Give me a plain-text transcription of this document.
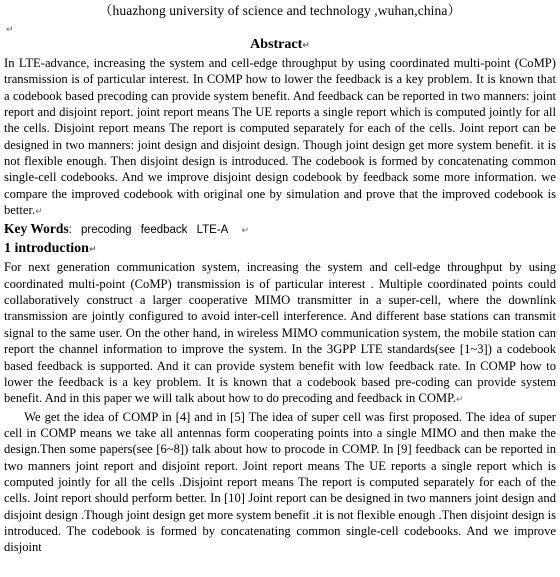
（huazhong university of science and technology ,wuhan,china）
↵
Abstract↵

In LTE-advance, increasing the system and cell-edge throughput by using coordinated multi-point (CoMP) transmission is of particular interest. In COMP how to lower the feedback is a key problem. It is known that a codebook based precoding can provide system benefit. And feedback can be reported in two manners: joint report and disjoint report. joint report means The UE reports a single report which is computed jointly for all the cells. Disjoint report means The report is computed separately for each of the cells. Joint report can be designed in two manners: joint design and disjoint design. Though joint design get more system benefit. it is not flexible enough. Then disjoint design is introduced. The codebook is formed by concatenating common single-cell codebooks. And we improve disjoint design codebook by feedback some more information. we compare the improved codebook with original one by simulation and prove that the improved codebook is better.↵

Key Words: precoding feedback LTE-A ↵
1 introduction↵

For next generation communication system, increasing the system and cell-edge throughput by using coordinated multi-point (CoMP) transmission is of particular interest . Multiple coordinated points could collaboratively construct a larger cooperative MIMO transmitter in a super-cell, where the downlink transmission are jointly configured to avoid inter-cell interference. And different base stations can transmit signal to the same user. On the other hand, in wireless MIMO communication system, the mobile station can report the channel information to improve the system. In the 3GPP LTE standards(see [1~3]) a codebook based feedback is supported. And it can provide system benefit with low feedback rate. In COMP how to lower the feedback is a key problem. It is known that a codebook based pre-coding can provide system benefit. And in this paper we will talk about how to do precoding and feedback in COMP.↵

We get the idea of COMP in [4] and in [5] The idea of super cell was first proposed. The idea of super cell in COMP means we take all antennas form cooperating points into a single MIMO and then make the design.Then some papers(see [6~8]) talk about how to procode in COMP. In [9] feedback can be reported in two manners joint report and disjoint report. Joint report means The UE reports a single report which is computed jointly for all the cells .Disjoint report means The report is computed separately for each of the cells. Joint report should perform better. In [10] Joint report can be designed in two manners joint design and disjoint design .Though joint design get more system benefit .it is not flexible enough .Then disjoint design is introduced. The codebook is formed by concatenating common single-cell codebooks. And we improve disjoint
